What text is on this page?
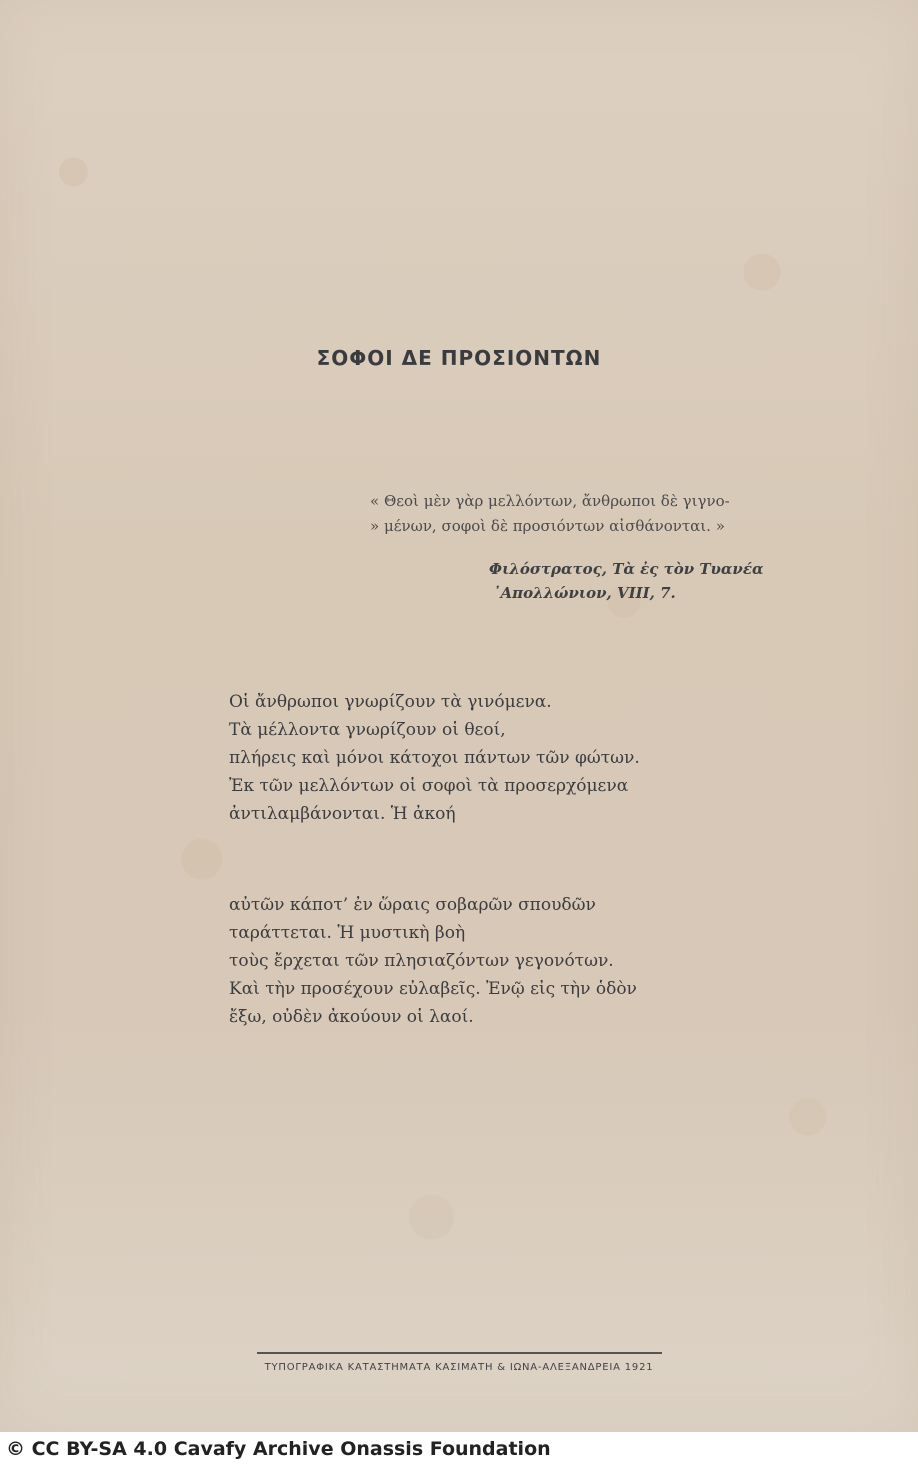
ΣΟΦΟΙ ΔΕ ΠΡΟΣΙΟΝΤΩΝ
« Θεοὶ μὲν γὰρ μελλόντων, ἄνθρωποι δὲ γιγνο-
» μένων, σοφοὶ δὲ προσιόντων αἰσθάνονται. »
Φιλόστρατος, Τὰ ἐς τὸν Τυανέα
᾿Απολλώνιον, VIII, 7.
Οἱ ἄνθρωποι γνωρίζουν τὰ γινόμενα.
Τὰ μέλλοντα γνωρίζουν οἱ θεοί,
πλήρεις καὶ μόνοι κάτοχοι πάντων τῶν φώτων.
Ἐκ τῶν μελλόντων οἱ σοφοὶ τὰ προσερχόμενα
ἀντιλαμβάνονται. Ἡ ἀκοή
αὐτῶν κάποτ’ ἐν ὥραις σοβαρῶν σπουδῶν
ταράττεται. Ἡ μυστικὴ βοὴ
τοὺς ἔρχεται τῶν πλησιαζόντων γεγονότων.
Καὶ τὴν προσέχουν εὐλαβεῖς. Ἐνῷ εἰς τὴν ὁδὸν
ἔξω, οὐδὲν ἀκούουν οἱ λαοί.
ΤΥΠΟΓΡΑΦΙΚΑ ΚΑΤΑΣΤΗΜΑΤΑ ΚΑΣΙΜΑΤΗ & ΙΩΝΑ-ΑΛΕΞΑΝΔΡΕΙΑ 1921
© CC BY-SA 4.0 Cavafy Archive Onassis Foundation
